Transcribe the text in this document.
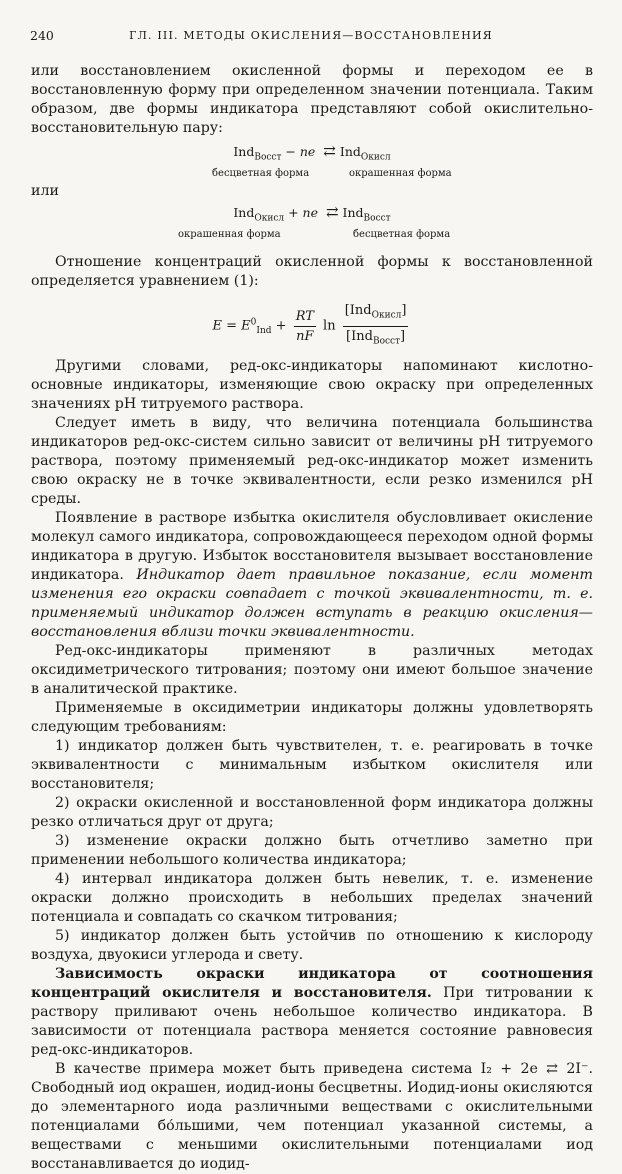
240	ГЛ. III. МЕТОДЫ ОКИСЛЕНИЯ—ВОССТАНОВЛЕНИЯ

или восстановлением окисленной формы и переходом ее в восстановленную форму при определенном значении потенциала. Таким образом, две формы индикатора представляют собой окислительно-восстановительную пару:

Ind$_{Восст}$ − ne ⇄ Ind$_{Окисл}$
бесцветная форма	окрашенная форма
или
Ind$_{Окисл}$ + ne ⇄ Ind$_{Восст}$
окрашенная форма	бесцветная форма

Отношение концентраций окисленной формы к восстановленной определяется уравнением (1):

$E = E^0_{Ind} + \frac{RT}{nF}$ $\ln \frac{[Ind_{Окисл}]}{[Ind_{Восст}]}$

Другими словами, ред-окс-индикаторы напоминают кислотно-основные индикаторы, изменяющие свою окраску при определенных значениях pH титруемого раствора.

Следует иметь в виду, что величина потенциала большинства индикаторов ред-окс-систем сильно зависит от величины pH титруемого раствора, поэтому применяемый ред-окс-индикатор может изменить свою окраску не в точке эквивалентности, если резко изменился pH среды.

Появление в растворе избытка окислителя обусловливает окисление молекул самого индикатора, сопровождающееся переходом одной формы индикатора в другую. Избыток восстановителя вызывает восстановление индикатора. Индикатор дает правильное показание, если момент изменения его окраски совпадает с точкой эквивалентности, т. е. применяемый индикатор должен вступать в реакцию окисления—восстановления вблизи точки эквивалентности.

Ред-окс-индикаторы применяют в различных методах оксидиметрического титрования; поэтому они имеют большое значение в аналитической практике.

Применяемые в оксидиметрии индикаторы должны удовлетворять следующим требованиям:

1) индикатор должен быть чувствителен, т. е. реагировать в точке эквивалентности с минимальным избытком окислителя или восстановителя;

2) окраски окисленной и восстановленной форм индикатора должны резко отличаться друг от друга;

3) изменение окраски должно быть отчетливо заметно при применении небольшого количества индикатора;

4) интервал индикатора должен быть невелик, т. е. изменение окраски должно происходить в небольших пределах значений потенциала и совпадать со скачком титрования;

5) индикатор должен быть устойчив по отношению к кислороду воздуха, двуокиси углерода и свету.

Зависимость окраски индикатора от соотношения концентраций окислителя и восстановителя. При титровании к раствору приливают очень небольшое количество индикатора. В зависимости от потенциала раствора меняется состояние равновесия ред-окс-индикаторов.

В качестве примера может быть приведена система I₂ + 2e ⇄ 2I⁻. Свободный иод окрашен, иодид-ионы бесцветны. Иодид-ионы окисляются до элементарного иода различными веществами с окислительными потенциалами бо́льшими, чем потенциал указанной системы, а веществами с меньшими окислительными потенциалами иод восстанавливается до иодид-
